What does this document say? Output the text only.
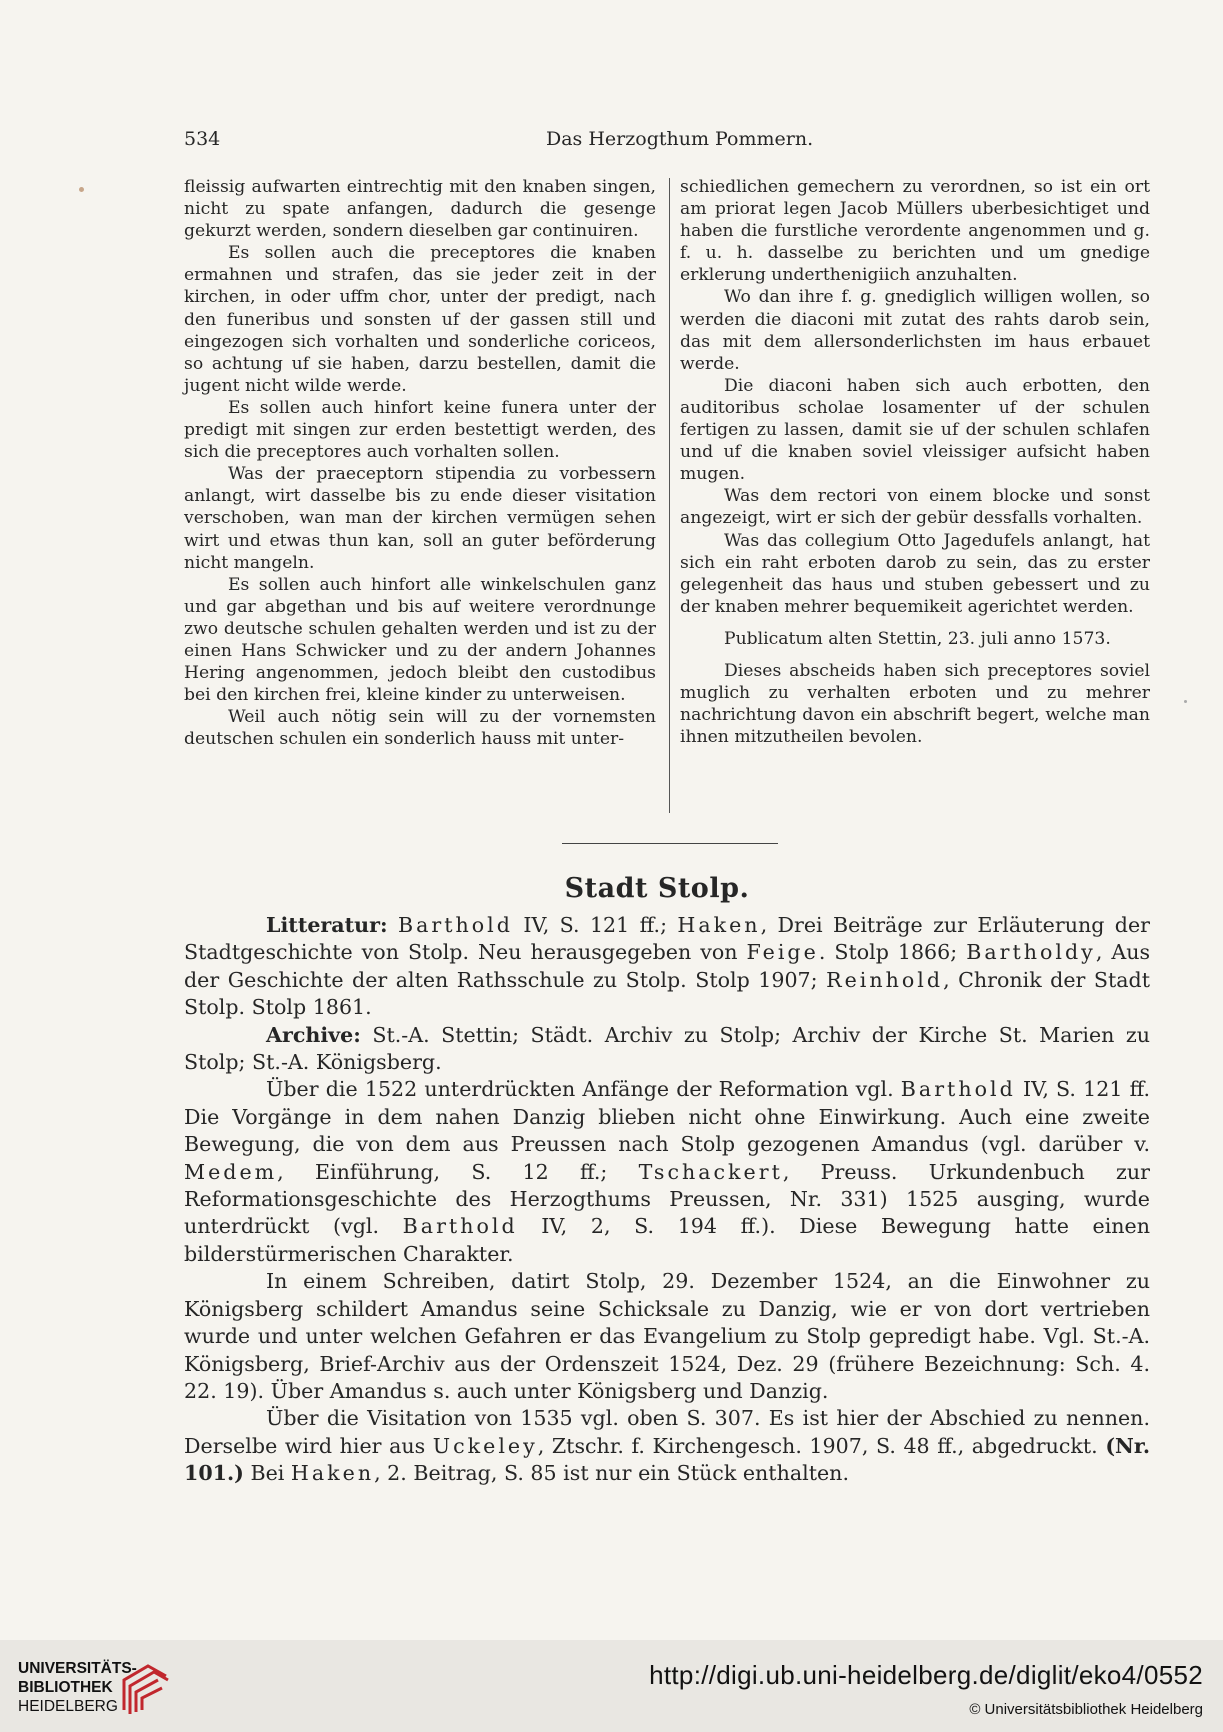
534	Das Herzogthum Pommern.

fleissig aufwarten eintrechtig mit den knaben singen, nicht zu spate anfangen, dadurch die gesenge gekurzt werden, sondern dieselben gar continuiren.

Es sollen auch die preceptores die knaben ermahnen und strafen, das sie jeder zeit in der kirchen, in oder uffm chor, unter der predigt, nach den funeribus und sonsten uf der gassen still und eingezogen sich vorhalten und sonderliche coriceos, so achtung uf sie haben, darzu bestellen, damit die jugent nicht wilde werde.

Es sollen auch hinfort keine funera unter der predigt mit singen zur erden bestettigt werden, des sich die preceptores auch vorhalten sollen.

Was der praeceptorn stipendia zu vorbessern anlangt, wirt dasselbe bis zu ende dieser visitation verschoben, wan man der kirchen vermügen sehen wirt und etwas thun kan, soll an guter beförderung nicht mangeln.

Es sollen auch hinfort alle winkelschulen ganz und gar abgethan und bis auf weitere verordnunge zwo deutsche schulen gehalten werden und ist zu der einen Hans Schwicker und zu der andern Johannes Hering angenommen, jedoch bleibt den custodibus bei den kirchen frei, kleine kinder zu unterweisen.

Weil auch nötig sein will zu der vornemsten deutschen schulen ein sonderlich hauss mit unter-

schiedlichen gemechern zu verordnen, so ist ein ort am priorat legen Jacob Müllers uberbesichtiget und haben die furstliche verordente angenommen und g. f. u. h. dasselbe zu berichten und um gnedige erklerung underthenigiich anzuhalten.

Wo dan ihre f. g. gnediglich willigen wollen, so werden die diaconi mit zutat des rahts darob sein, das mit dem allersonderlichsten im haus erbauet werde.

Die diaconi haben sich auch erbotten, den auditoribus scholae losamenter uf der schulen fertigen zu lassen, damit sie uf der schulen schlafen und uf die knaben soviel vleissiger aufsicht haben mugen.

Was dem rectori von einem blocke und sonst angezeigt, wirt er sich der gebür dessfalls vorhalten.

Was das collegium Otto Jagedufels anlangt, hat sich ein raht erboten darob zu sein, das zu erster gelegenheit das haus und stuben gebessert und zu der knaben mehrer bequemikeit agerichtet werden.

Publicatum alten Stettin, 23. juli anno 1573.

Dieses abscheids haben sich preceptores soviel muglich zu verhalten erboten und zu mehrer nachrichtung davon ein abschrift begert, welche man ihnen mitzutheilen bevolen.

Stadt Stolp.

Litteratur: Barthold IV, S. 121 ff.; Haken, Drei Beiträge zur Erläuterung der Stadtgeschichte von Stolp. Neu herausgegeben von Feige. Stolp 1866; Bartholdy, Aus der Geschichte der alten Rathsschule zu Stolp. Stolp 1907; Reinhold, Chronik der Stadt Stolp. Stolp 1861.

Archive: St.-A. Stettin; Städt. Archiv zu Stolp; Archiv der Kirche St. Marien zu Stolp; St.-A. Königsberg.

Über die 1522 unterdrückten Anfänge der Reformation vgl. Barthold IV, S. 121 ff. Die Vorgänge in dem nahen Danzig blieben nicht ohne Einwirkung. Auch eine zweite Bewegung, die von dem aus Preussen nach Stolp gezogenen Amandus (vgl. darüber v. Medem, Einführung, S. 12 ff.; Tschackert, Preuss. Urkundenbuch zur Reformationsgeschichte des Herzogthums Preussen, Nr. 331) 1525 ausging, wurde unterdrückt (vgl. Barthold IV, 2, S. 194 ff.). Diese Bewegung hatte einen bilderstürmerischen Charakter.

In einem Schreiben, datirt Stolp, 29. Dezember 1524, an die Einwohner zu Königsberg schildert Amandus seine Schicksale zu Danzig, wie er von dort vertrieben wurde und unter welchen Gefahren er das Evangelium zu Stolp gepredigt habe. Vgl. St.-A. Königsberg, Brief-Archiv aus der Ordenszeit 1524, Dez. 29 (frühere Bezeichnung: Sch. 4. 22. 19). Über Amandus s. auch unter Königsberg und Danzig.

Über die Visitation von 1535 vgl. oben S. 307. Es ist hier der Abschied zu nennen. Derselbe wird hier aus Uckeley, Ztschr. f. Kirchengesch. 1907, S. 48 ff., abgedruckt. (Nr. 101.) Bei Haken, 2. Beitrag, S. 85 ist nur ein Stück enthalten.

UNIVERSITÄTS-
BIBLIOTHEK
HEIDELBERG
http://digi.ub.uni-heidelberg.de/diglit/eko4/0552
© Universitätsbibliothek Heidelberg
